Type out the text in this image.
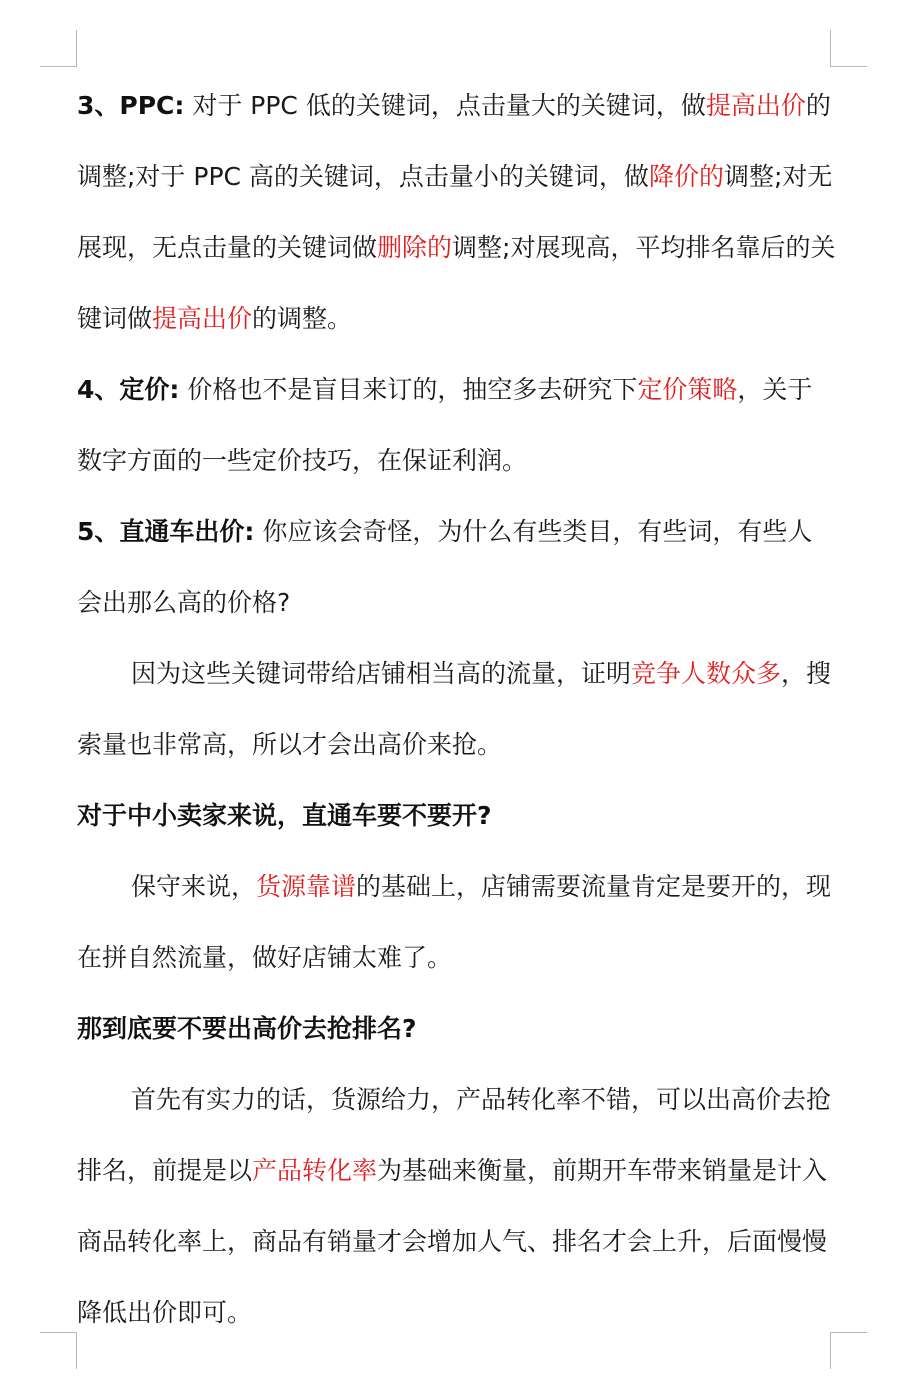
3、PPC: 对于 PPC 低的关键词，点击量大的关键词，做提高出价的调整;对于 PPC 高的关键词，点击量小的关键词，做降价的调整;对无展现，无点击量的关键词做删除的调整;对展现高，平均排名靠后的关键词做提高出价的调整。

4、定价: 价格也不是盲目来订的，抽空多去研究下定价策略，关于数字方面的一些定价技巧，在保证利润。

5、直通车出价: 你应该会奇怪，为什么有些类目，有些词，有些人会出那么高的价格?

因为这些关键词带给店铺相当高的流量，证明竞争人数众多，搜索量也非常高，所以才会出高价来抢。

对于中小卖家来说，直通车要不要开?

保守来说，货源靠谱的基础上，店铺需要流量肯定是要开的，现在拼自然流量，做好店铺太难了。

那到底要不要出高价去抢排名?

首先有实力的话，货源给力，产品转化率不错，可以出高价去抢排名，前提是以产品转化率为基础来衡量，前期开车带来销量是计入商品转化率上，商品有销量才会增加人气、排名才会上升，后面慢慢降低出价即可。
